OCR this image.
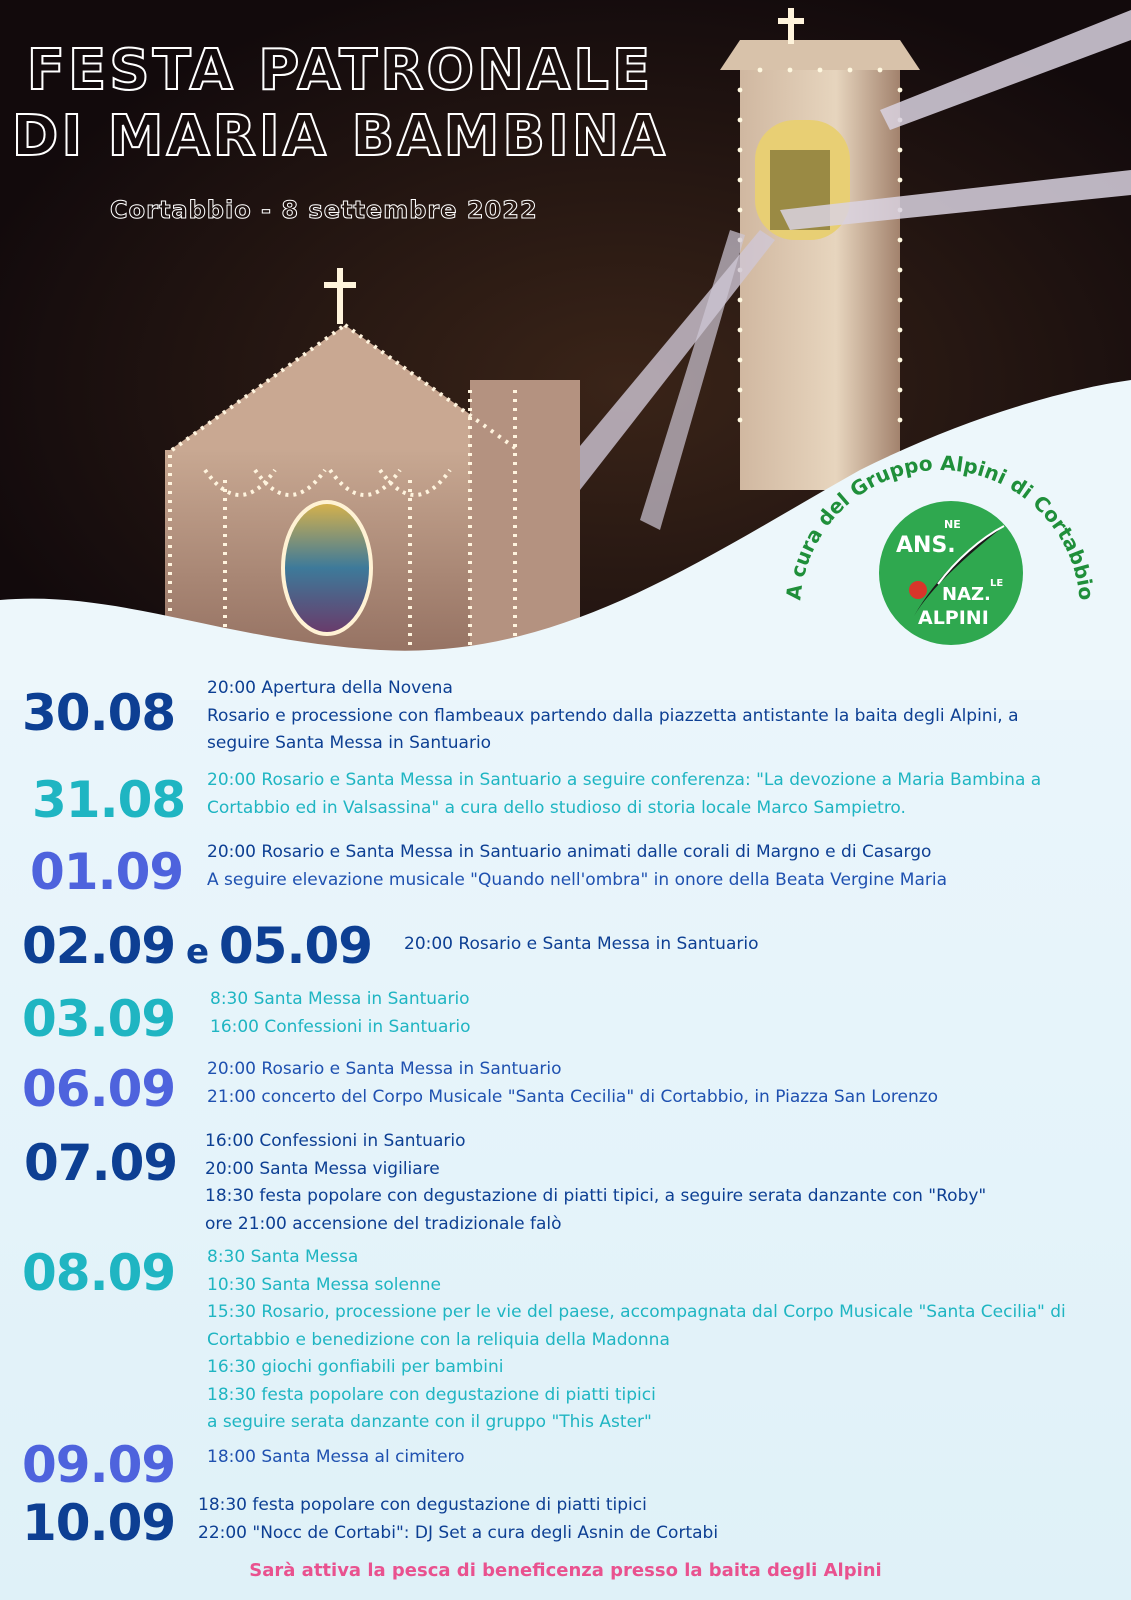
FESTA PATRONALE
DI MARIA BAMBINA
Cortabbio - 8 settembre 2022
A cura del Gruppo Alpini di Cortabbio
ANS.
NE
NAZ.
LE
ALPINI
30.08 20:00 Apertura della Novena
Rosario e processione con flambeaux partendo dalla piazzetta antistante la baita degli Alpini, a
seguire Santa Messa in Santuario
31.08 20:00 Rosario e Santa Messa in Santuario a seguire conferenza: "La devozione a Maria Bambina a
Cortabbio ed in Valsassina" a cura dello studioso di storia locale Marco Sampietro.
01.09 20:00 Rosario e Santa Messa in Santuario animati dalle corali di Margno e di Casargo
A seguire elevazione musicale "Quando nell'ombra" in onore della Beata Vergine Maria
02.09 e 05.09 20:00 Rosario e Santa Messa in Santuario
03.09 8:30 Santa Messa in Santuario
16:00 Confessioni in Santuario
06.09 20:00 Rosario e Santa Messa in Santuario
21:00 concerto del Corpo Musicale "Santa Cecilia" di Cortabbio, in Piazza San Lorenzo
07.09 16:00 Confessioni in Santuario
20:00 Santa Messa vigiliare
18:30 festa popolare con degustazione di piatti tipici, a seguire serata danzante con "Roby"
ore 21:00 accensione del tradizionale falò
08.09 8:30 Santa Messa
10:30 Santa Messa solenne
15:30 Rosario, processione per le vie del paese, accompagnata dal Corpo Musicale "Santa Cecilia" di
Cortabbio e benedizione con la reliquia della Madonna
16:30 giochi gonfiabili per bambini
18:30 festa popolare con degustazione di piatti tipici
a seguire serata danzante con il gruppo "This Aster"
09.09 18:00 Santa Messa al cimitero
10.09 18:30 festa popolare con degustazione di piatti tipici
22:00 "Nocc de Cortabi": DJ Set a cura degli Asnin de Cortabi
Sarà attiva la pesca di beneficenza presso la baita degli Alpini
